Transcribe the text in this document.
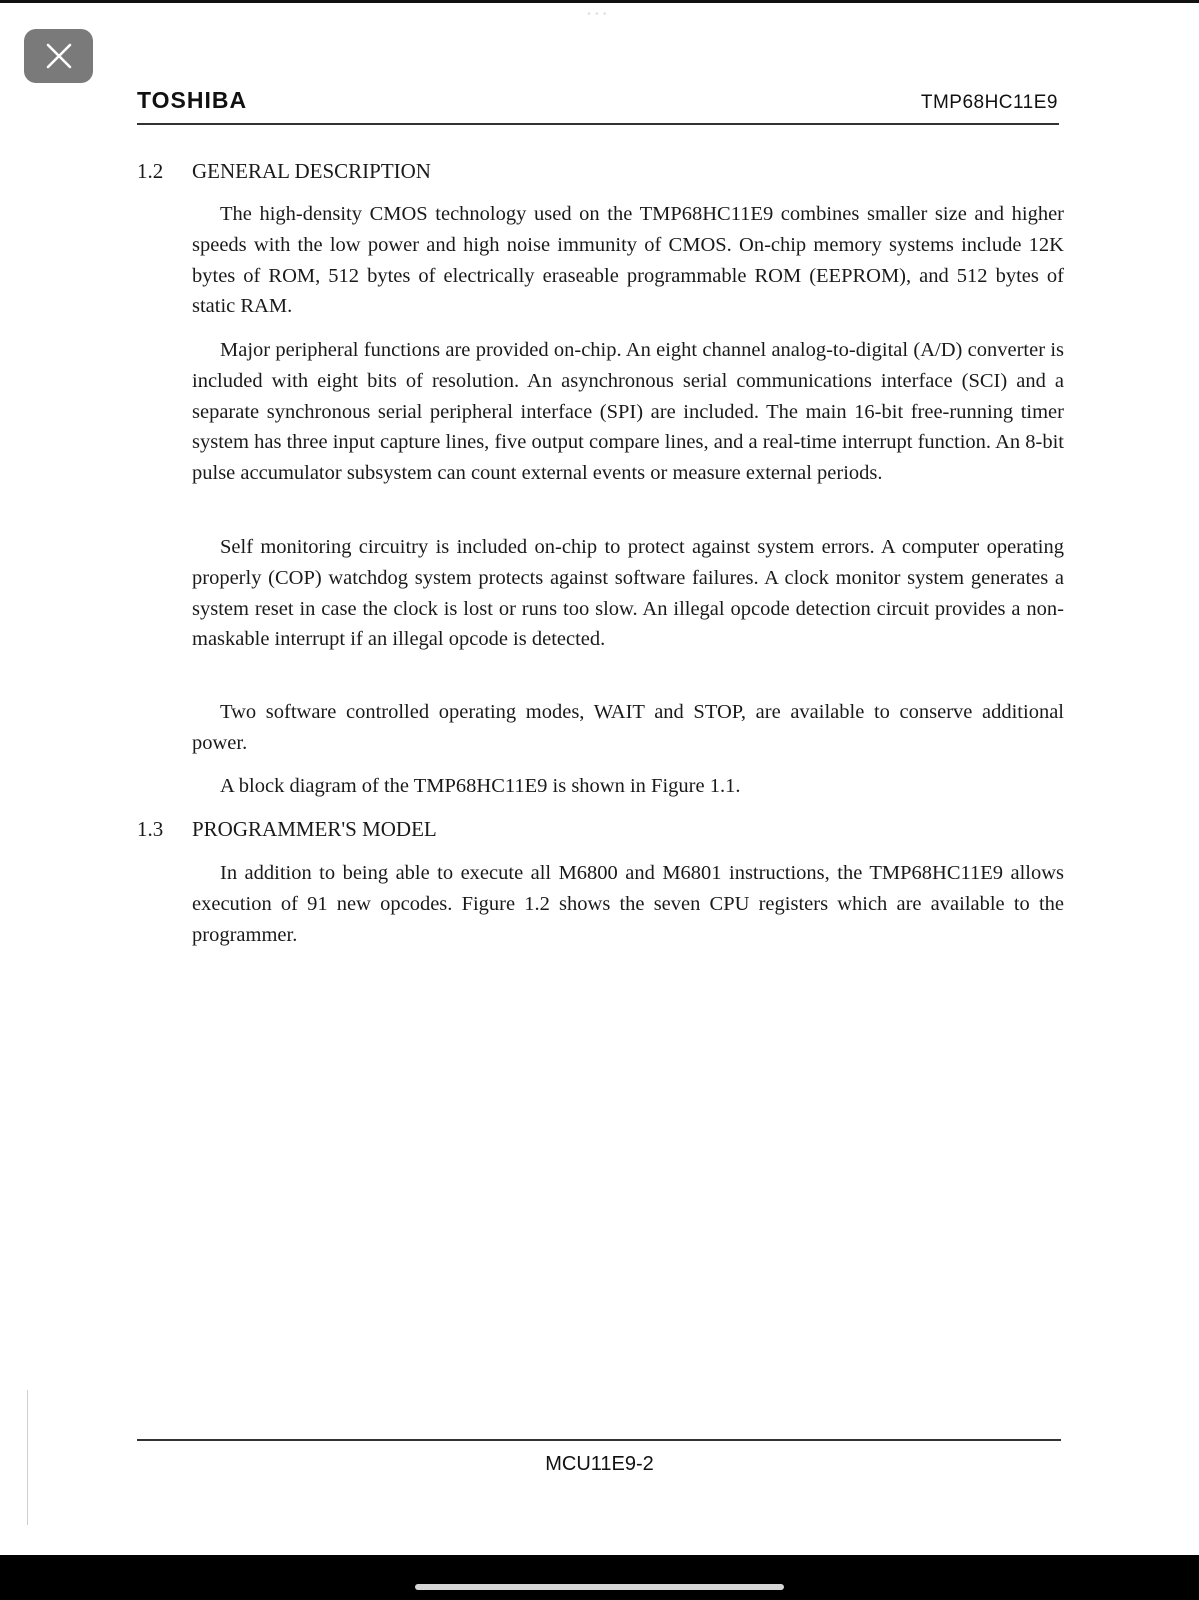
•••
TOSHIBA	TMP68HC11E9
1.2 GENERAL DESCRIPTION

The high-density CMOS technology used on the TMP68HC11E9 combines smaller size and higher speeds with the low power and high noise immunity of CMOS. On-chip memory systems include 12K bytes of ROM, 512 bytes of electrically eraseable programmable ROM (EEPROM), and 512 bytes of static RAM.

Major peripheral functions are provided on-chip. An eight channel analog-to-digital (A/D) converter is included with eight bits of resolution. An asynchronous serial communications interface (SCI) and a separate synchronous serial peripheral interface (SPI) are included. The main 16-bit free-running timer system has three input capture lines, five output compare lines, and a real-time interrupt function. An 8-bit pulse accumulator subsystem can count external events or measure external periods.

Self monitoring circuitry is included on-chip to protect against system errors. A computer operating properly (COP) watchdog system protects against software failures. A clock monitor system generates a system reset in case the clock is lost or runs too slow. An illegal opcode detection circuit provides a non-maskable interrupt if an illegal opcode is detected.

Two software controlled operating modes, WAIT and STOP, are available to conserve additional power.

A block diagram of the TMP68HC11E9 is shown in Figure 1.1.

1.3 PROGRAMMER'S MODEL

In addition to being able to execute all M6800 and M6801 instructions, the TMP68HC11E9 allows execution of 91 new opcodes. Figure 1.2 shows the seven CPU registers which are available to the programmer.

MCU11E9-2
